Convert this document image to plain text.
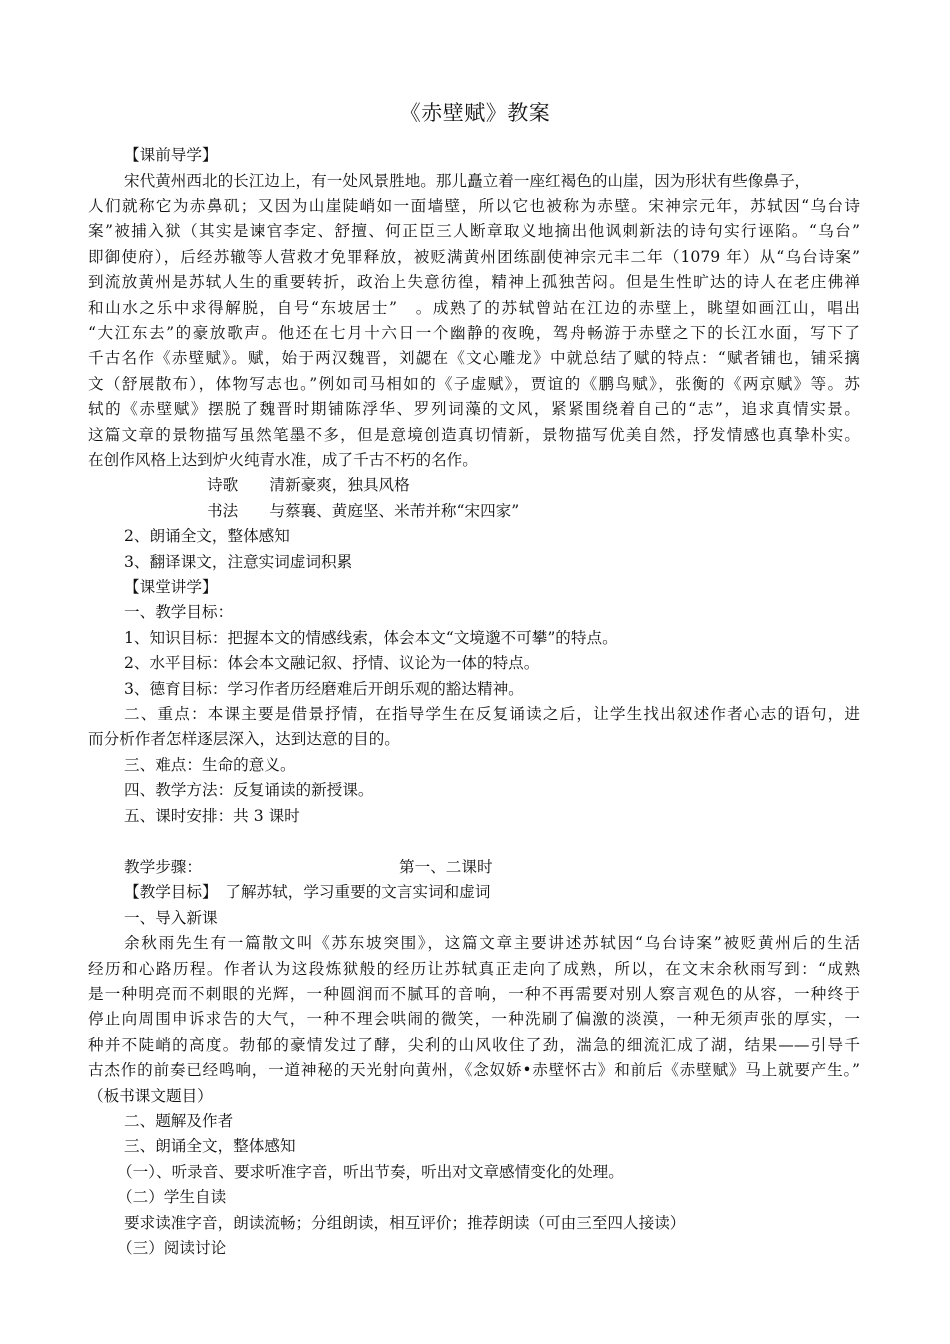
《赤壁赋》教案
【课前导学】
宋代黄州西北的长江边上，有一处风景胜地。那儿矗立着一座红褐色的山崖，因为形状有些像鼻子，
人们就称它为赤鼻矶；又因为山崖陡峭如一面墙壁，所以它也被称为赤壁。宋神宗元年，苏轼因“乌台诗
案”被捕入狱（其实是谏官李定、舒擅、何正臣三人断章取义地摘出他讽刺新法的诗句实行诬陷。“乌台”
即御使府），后经苏辙等人营救才免罪释放，被贬满黄州团练副使神宗元丰二年（1079 年）从“乌台诗案”
到流放黄州是苏轼人生的重要转折，政治上失意彷徨，精神上孤独苦闷。但是生性旷达的诗人在老庄佛禅
和山水之乐中求得解脱，自号“东坡居士”　。成熟了的苏轼曾站在江边的赤壁上，眺望如画江山，唱出
“大江东去”的豪放歌声。他还在七月十六日一个幽静的夜晚，驾舟畅游于赤壁之下的长江水面，写下了
千古名作《赤壁赋》。赋，始于两汉魏晋，刘勰在《文心雕龙》中就总结了赋的特点：“赋者铺也，铺采摛
文（舒展散布），体物写志也。”例如司马相如的《子虚赋》，贾谊的《鹏鸟赋》，张衡的《两京赋》等。苏
轼的《赤壁赋》摆脱了魏晋时期铺陈浮华、罗列词藻的文风，紧紧围绕着自己的“志”，追求真情实景。
这篇文章的景物描写虽然笔墨不多，但是意境创造真切情新，景物描写优美自然，抒发情感也真挚朴实。
在创作风格上达到炉火纯青水准，成了千古不朽的名作。
诗歌　　清新豪爽，独具风格
书法　　与蔡襄、黄庭坚、米芾并称“宋四家”
2、朗诵全文，整体感知
3、翻译课文，注意实词虚词积累
【课堂讲学】
一、教学目标：
1、知识目标：把握本文的情感线索，体会本文“文境邈不可攀”的特点。
2、水平目标：体会本文融记叙、抒情、议论为一体的特点。
3、德育目标：学习作者历经磨难后开朗乐观的豁达精神。
二、重点：本课主要是借景抒情，在指导学生在反复诵读之后，让学生找出叙述作者心志的语句，进
而分析作者怎样逐层深入，达到达意的目的。
三、难点：生命的意义。
四、教学方法：反复诵读的新授课。
五、课时安排：共 3 课时
教学步骤：	第一、二课时
【教学目标】　了解苏轼，学习重要的文言实词和虚词
一、导入新课
余秋雨先生有一篇散文叫《苏东坡突围》，这篇文章主要讲述苏轼因“乌台诗案”被贬黄州后的生活
经历和心路历程。作者认为这段炼狱般的经历让苏轼真正走向了成熟，所以，在文末余秋雨写到：“成熟
是一种明亮而不刺眼的光辉，一种圆润而不腻耳的音响，一种不再需要对别人察言观色的从容，一种终于
停止向周围申诉求告的大气，一种不理会哄闹的微笑，一种洗刷了偏激的淡漠，一种无须声张的厚实，一
种并不陡峭的高度。勃郁的豪情发过了酵，尖利的山风收住了劲，湍急的细流汇成了湖，结果——引导千
古杰作的前奏已经鸣响，一道神秘的天光射向黄州，《念奴娇•赤壁怀古》和前后《赤壁赋》马上就要产生。”
（板书课文题目）
二、题解及作者
三、朗诵全文，整体感知
（一）、听录音、要求听准字音，听出节奏，听出对文章感情变化的处理。
（二）学生自读
要求读准字音，朗读流畅；分组朗读，相互评价；推荐朗读（可由三至四人接读）
（三）阅读讨论
